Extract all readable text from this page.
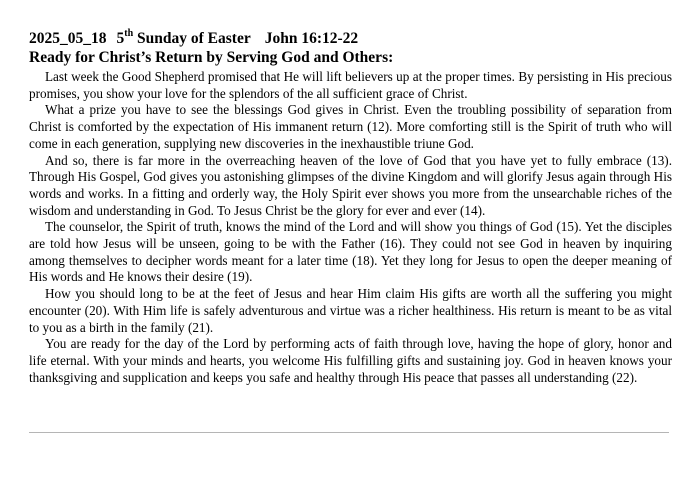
2025_05_18 5th Sunday of Easter John 16:12-22
Ready for Christ’s Return by Serving God and Others:

Last week the Good Shepherd promised that He will lift believers up at the proper times. By persisting in His precious promises, you show your love for the splendors of the all sufficient grace of Christ.

What a prize you have to see the blessings God gives in Christ. Even the troubling possibility of separation from Christ is comforted by the expectation of His immanent return (12). More comforting still is the Spirit of truth who will come in each generation, supplying new discoveries in the inexhaustible triune God.

And so, there is far more in the overreaching heaven of the love of God that you have yet to fully embrace (13). Through His Gospel, God gives you astonishing glimpses of the divine Kingdom and will glorify Jesus again through His words and works. In a fitting and orderly way, the Holy Spirit ever shows you more from the unsearchable riches of the wisdom and understanding in God. To Jesus Christ be the glory for ever and ever (14).

The counselor, the Spirit of truth, knows the mind of the Lord and will show you things of God (15). Yet the disciples are told how Jesus will be unseen, going to be with the Father (16). They could not see God in heaven by inquiring among themselves to decipher words meant for a later time (18). Yet they long for Jesus to open the deeper meaning of His words and He knows their desire (19).

How you should long to be at the feet of Jesus and hear Him claim His gifts are worth all the suffering you might encounter (20). With Him life is safely adventurous and virtue was a richer healthiness. His return is meant to be as vital to you as a birth in the family (21).

You are ready for the day of the Lord by performing acts of faith through love, having the hope of glory, honor and life eternal. With your minds and hearts, you welcome His fulfilling gifts and sustaining joy. God in heaven knows your thanksgiving and supplication and keeps you safe and healthy through His peace that passes all understanding (22).
